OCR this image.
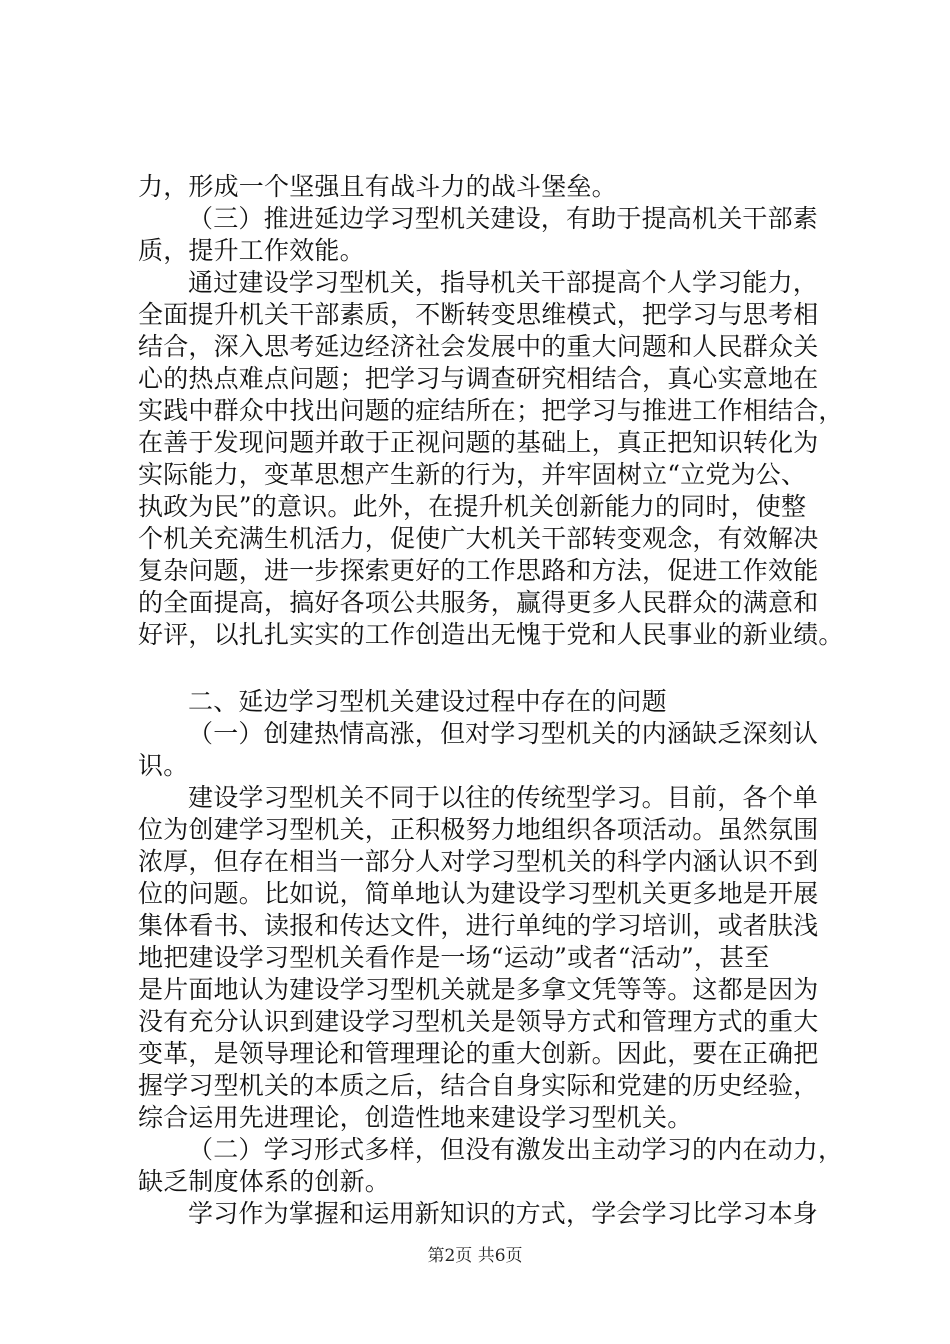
力，形成一个坚强且有战斗力的战斗堡垒。
（三）推进延边学习型机关建设，有助于提高机关干部素
质，提升工作效能。
通过建设学习型机关，指导机关干部提高个人学习能力，
全面提升机关干部素质，不断转变思维模式，把学习与思考相
结合，深入思考延边经济社会发展中的重大问题和人民群众关
心的热点难点问题；把学习与调查研究相结合，真心实意地在
实践中群众中找出问题的症结所在；把学习与推进工作相结合，
在善于发现问题并敢于正视问题的基础上，真正把知识转化为
实际能力，变革思想产生新的行为，并牢固树立“立党为公、
执政为民”的意识。此外，在提升机关创新能力的同时，使整
个机关充满生机活力，促使广大机关干部转变观念，有效解决
复杂问题，进一步探索更好的工作思路和方法，促进工作效能
的全面提高，搞好各项公共服务，赢得更多人民群众的满意和
好评，以扎扎实实的工作创造出无愧于党和人民事业的新业绩。
二、延边学习型机关建设过程中存在的问题
（一）创建热情高涨，但对学习型机关的内涵缺乏深刻认
识。
建设学习型机关不同于以往的传统型学习。目前，各个单
位为创建学习型机关，正积极努力地组织各项活动。虽然氛围
浓厚，但存在相当一部分人对学习型机关的科学内涵认识不到
位的问题。比如说，简单地认为建设学习型机关更多地是开展
集体看书、读报和传达文件，进行单纯的学习培训，或者肤浅
地把建设学习型机关看作是一场“运动”或者“活动”，甚至
是片面地认为建设学习型机关就是多拿文凭等等。这都是因为
没有充分认识到建设学习型机关是领导方式和管理方式的重大
变革，是领导理论和管理理论的重大创新。因此，要在正确把
握学习型机关的本质之后，结合自身实际和党建的历史经验，
综合运用先进理论，创造性地来建设学习型机关。
（二）学习形式多样，但没有激发出主动学习的内在动力，
缺乏制度体系的创新。
学习作为掌握和运用新知识的方式，学会学习比学习本身
第2页 共6页
